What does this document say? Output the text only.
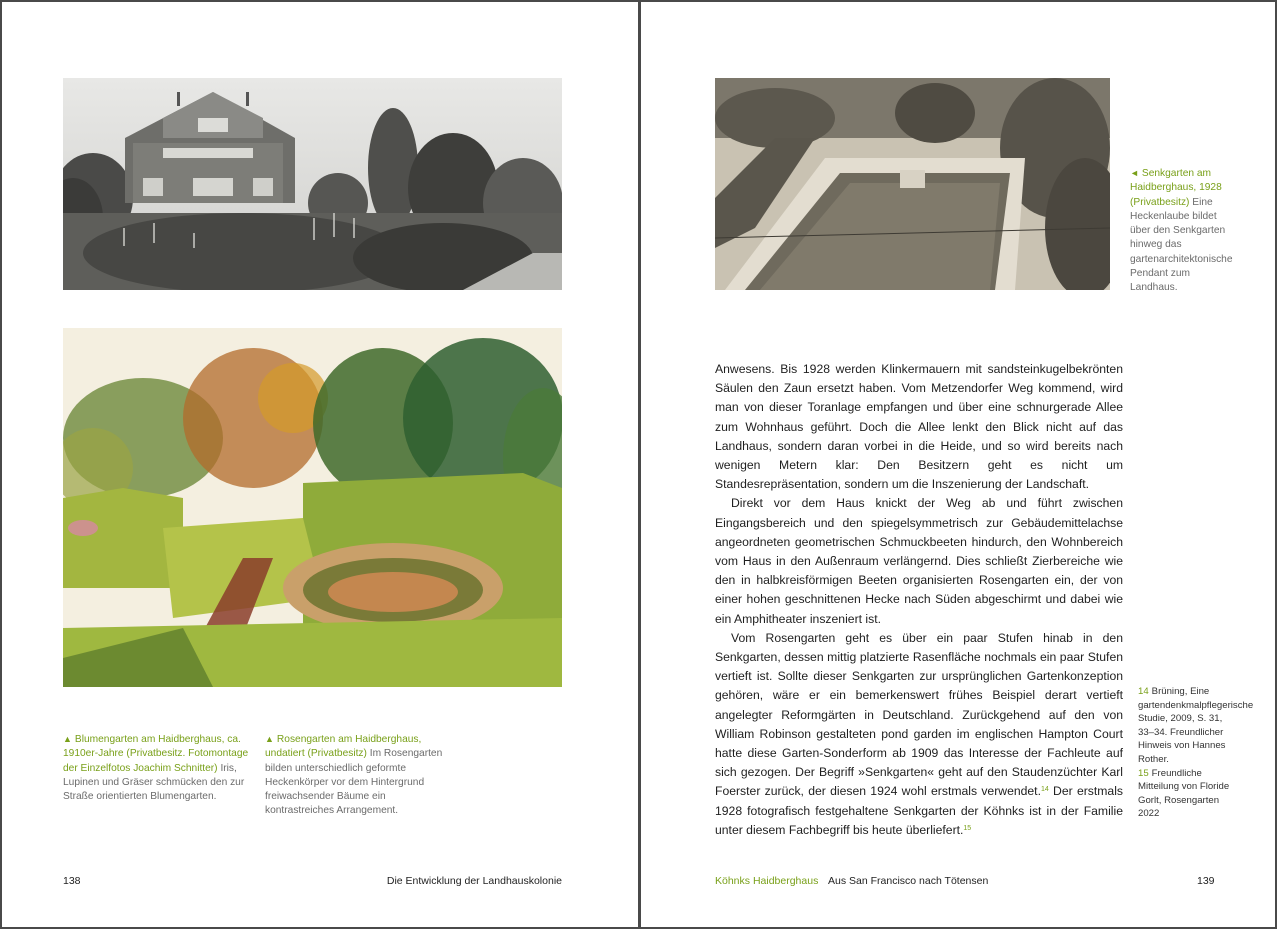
▲ Blumengarten am Haidberghaus, ca. 1910er-Jahre (Privatbesitz. Fotomontage der Einzelfotos Joachim Schnitter) Iris, Lupinen und Gräser schmücken den zur Straße orientierten Blumengarten.
▲ Rosengarten am Haidberghaus, undatiert (Privatbesitz) Im Rosengarten bilden unterschiedlich geformte Heckenkörper vor dem Hintergrund freiwachsender Bäume ein kontrastreiches Arrangement.
138	Die Entwicklung der Landhauskolonie
◄ Senkgarten am Haidberghaus, 1928 (Privatbesitz) Eine Heckenlaube bildet über den Senkgarten hinweg das gartenarchitektonische Pendant zum Landhaus.

Anwesens. Bis 1928 werden Klinkermauern mit sandsteinkugelbekrönten Säulen den Zaun ersetzt haben. Vom Metzendorfer Weg kommend, wird man von dieser Toranlage empfangen und über eine schnurgerade Allee zum Wohnhaus geführt. Doch die Allee lenkt den Blick nicht auf das Landhaus, sondern daran vorbei in die Heide, und so wird bereits nach wenigen Metern klar: Den Besitzern geht es nicht um Standesrepräsentation, sondern um die Inszenierung der Landschaft.

Direkt vor dem Haus knickt der Weg ab und führt zwischen Eingangsbereich und den spiegelsymmetrisch zur Gebäudemittelachse angeordneten geometrischen Schmuckbeeten hindurch, den Wohnbereich vom Haus in den Außenraum verlängernd. Dies schließt Zierbereiche wie den in halbkreisförmigen Beeten organisierten Rosengarten ein, der von einer hohen geschnittenen Hecke nach Süden abgeschirmt und dabei wie ein Amphitheater inszeniert ist.

Vom Rosengarten geht es über ein paar Stufen hinab in den Senkgarten, dessen mittig platzierte Rasenfläche nochmals ein paar Stufen vertieft ist. Sollte dieser Senkgarten zur ursprünglichen Gartenkonzeption gehören, wäre er ein bemerkenswert frühes Beispiel derart vertieft angelegter Reformgärten in Deutschland. Zurückgehend auf den von William Robinson gestalteten pond garden im englischen Hampton Court hatte diese Garten-Sonderform ab 1909 das Interesse der Fachleute auf sich gezogen. Der Begriff »Senkgarten« geht auf den Staudenzüchter Karl Foerster zurück, der diesen 1924 wohl erstmals verwendet.$^{14}$ Der erstmals 1928 fotografisch festgehaltene Senkgarten der Köhnks ist in der Familie unter diesem Fachbegriff bis heute überliefert.$^{15}$

14 Brüning, Eine gartendenkmalpflegerische Studie, 2009, S. 31, 33–34. Freundlicher Hinweis von Hannes Rother.
15 Freundliche Mitteilung von Floride Gorlt, Rosengarten 2022
Köhnks Haidberghaus Aus San Francisco nach Tötensen	139
